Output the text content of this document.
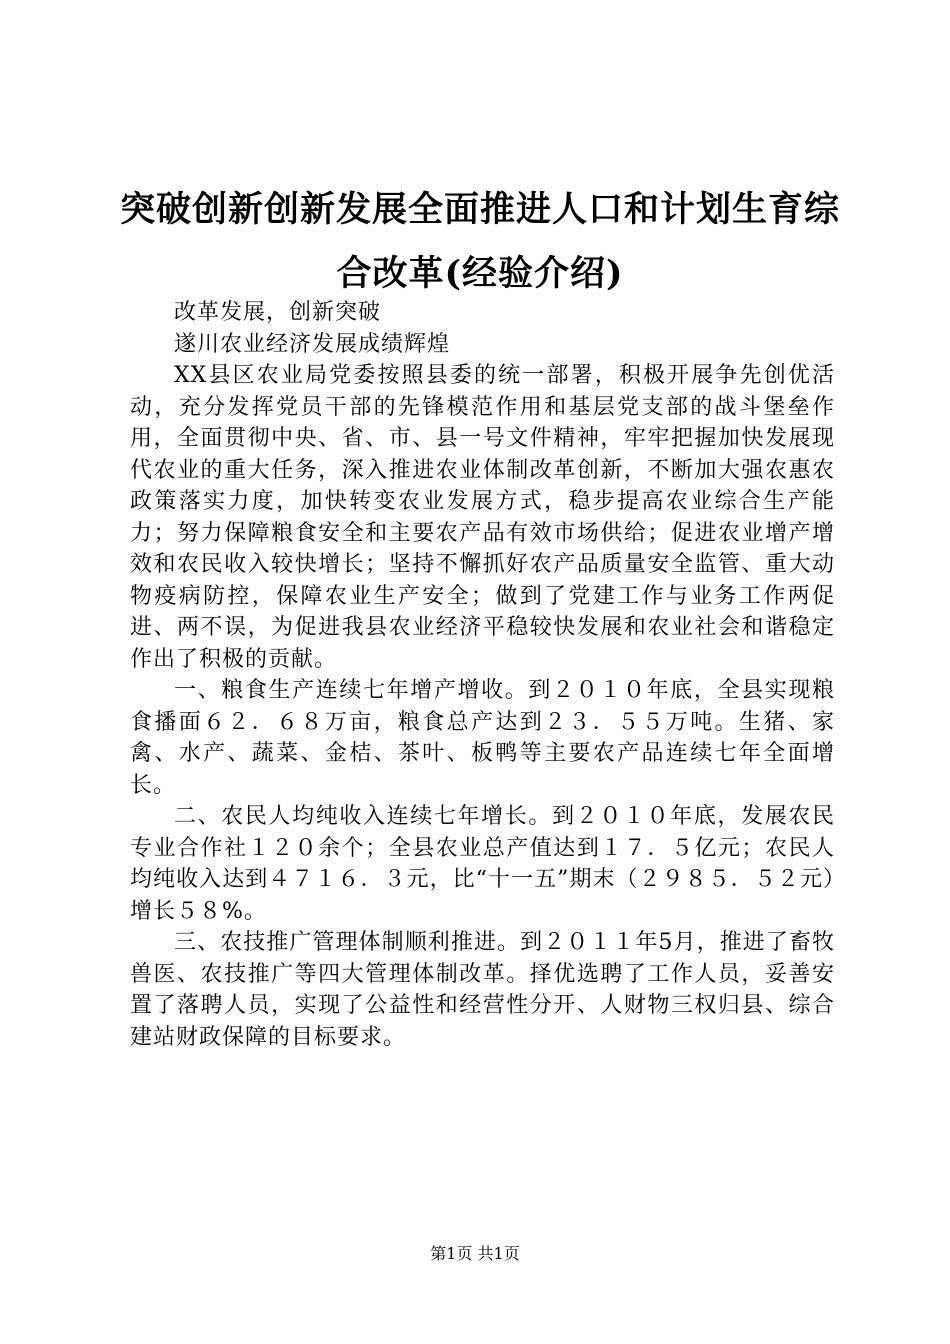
突破创新创新发展全面推进人口和计划生育综合改革(经验介绍)

改革发展，创新突破

遂川农业经济发展成绩辉煌

XX县区农业局党委按照县委的统一部署，积极开展争先创优活动，充分发挥党员干部的先锋模范作用和基层党支部的战斗堡垒作用，全面贯彻中央、省、市、县一号文件精神，牢牢把握加快发展现代农业的重大任务，深入推进农业体制改革创新，不断加大强农惠农政策落实力度，加快转变农业发展方式，稳步提高农业综合生产能力；努力保障粮食安全和主要农产品有效市场供给；促进农业增产增效和农民收入较快增长；坚持不懈抓好农产品质量安全监管、重大动物疫病防控，保障农业生产安全；做到了党建工作与业务工作两促进、两不误，为促进我县农业经济平稳较快发展和农业社会和谐稳定作出了积极的贡献。

一、粮食生产连续七年增产增收。到２０１０年底，全县实现粮食播面６２．６８万亩，粮食总产达到２３．５５万吨。生猪、家禽、水产、蔬菜、金桔、茶叶、板鸭等主要农产品连续七年全面增长。

二、农民人均纯收入连续七年增长。到２０１０年底，发展农民专业合作社１２０余个；全县农业总产值达到１７．５亿元；农民人均纯收入达到４７１６．３元，比“十一五”期末（２９８５．５２元）增长５８%。

三、农技推广管理体制顺利推进。到２０１１年5月，推进了畜牧兽医、农技推广等四大管理体制改革。择优选聘了工作人员，妥善安置了落聘人员，实现了公益性和经营性分开、人财物三权归县、综合建站财政保障的目标要求。

第1页 共1页
